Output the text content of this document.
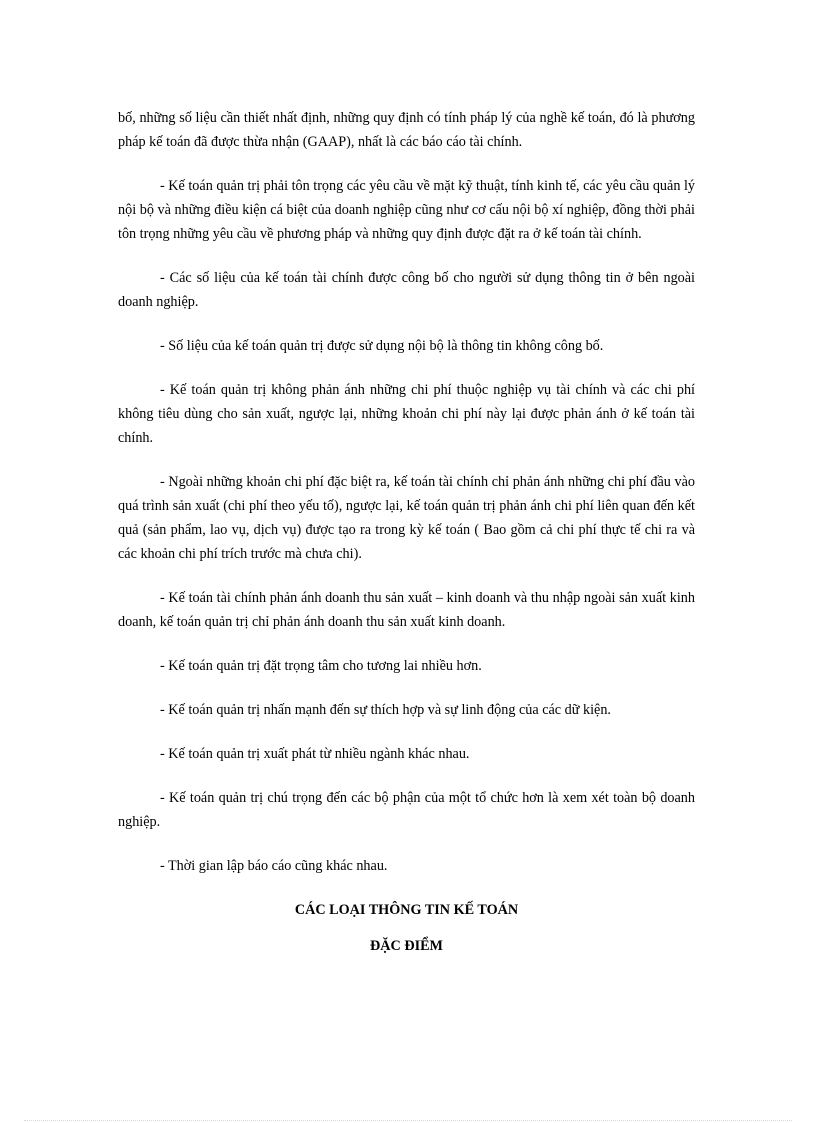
bố, những số liệu cần thiết nhất định, những quy định có tính pháp lý của nghề kế toán, đó là phương pháp kế toán đã được thừa nhận (GAAP), nhất là các báo cáo tài chính.

- Kế toán quản trị phải tôn trọng các yêu cầu về mặt kỹ thuật, tính kinh tế, các yêu cầu quản lý nội bộ và những điều kiện cá biệt của doanh nghiệp cũng như cơ cấu nội bộ xí nghiệp, đồng thời phải tôn trọng những yêu cầu về phương pháp và những quy định được đặt ra ở kế toán tài chính.

- Các số liệu của kế toán tài chính được công bố cho người sử dụng thông tin ở bên ngoài doanh nghiệp.

- Số liệu của kế toán quản trị được sử dụng nội bộ là thông tin không công bố.

- Kế toán quản trị không phản ánh những chi phí thuộc nghiệp vụ tài chính và các chi phí không tiêu dùng cho sản xuất, ngược lại, những khoản chi phí này lại được phản ánh ở kế toán tài chính.

- Ngoài những khoản chi phí đặc biệt ra, kế toán tài chính chỉ phản ánh những chi phí đầu vào quá trình sản xuất (chi phí theo yếu tố), ngược lại, kế toán quản trị phản ánh chi phí liên quan đến kết quả (sản phẩm, lao vụ, dịch vụ) được tạo ra trong kỳ kế toán ( Bao gồm cả chi phí thực tế chi ra và các khoản chi phí trích trước mà chưa chi).

- Kế toán tài chính phản ánh doanh thu sản xuất – kinh doanh và thu nhập ngoài sản xuất kinh doanh, kế toán quản trị chỉ phản ánh doanh thu sản xuất kinh doanh.

- Kế toán quản trị đặt trọng tâm cho tương lai nhiều hơn.

- Kế toán quản trị nhấn mạnh đến sự thích hợp và sự linh động của các dữ kiện.

- Kế toán quản trị xuất phát từ nhiều ngành khác nhau.

- Kế toán quản trị chú trọng đến các bộ phận của một tổ chức hơn là xem xét toàn bộ doanh nghiệp.

- Thời gian lập báo cáo cũng khác nhau.

CÁC LOẠI THÔNG TIN KẾ TOÁN
ĐẶC ĐIỂM
